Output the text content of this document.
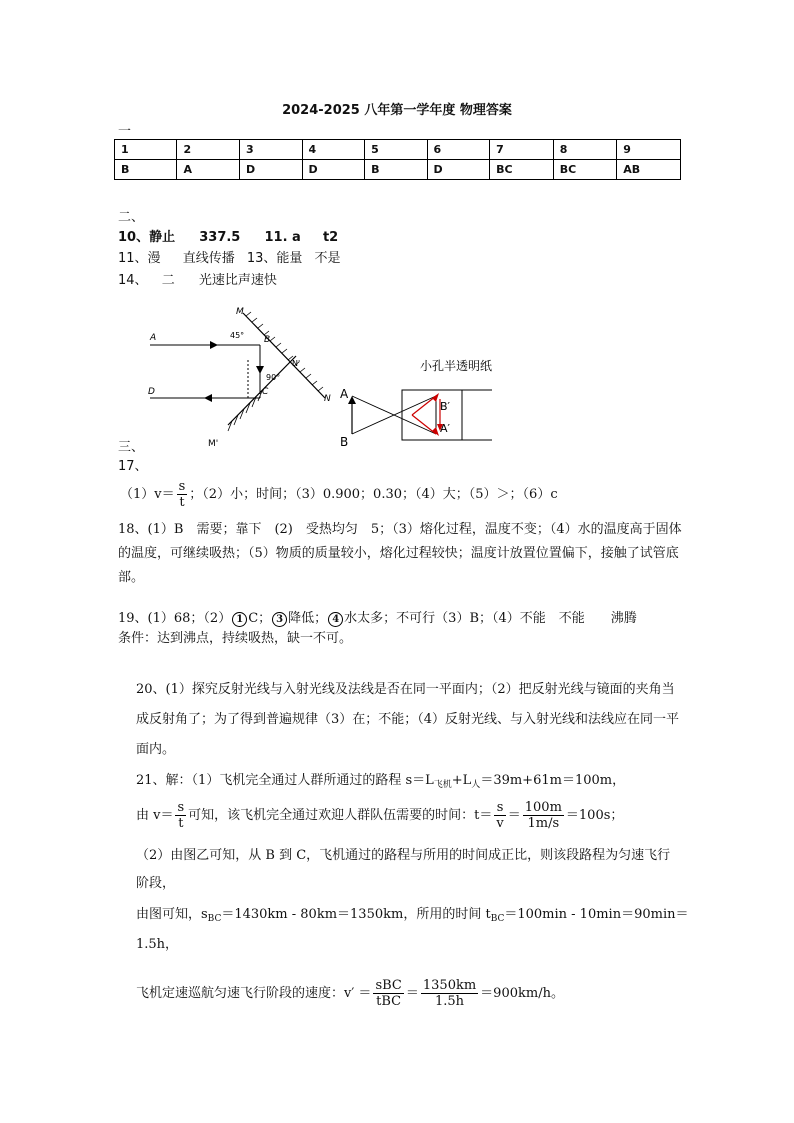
2024-2025 八年第一学年度 物理答案
一
1	2	3	4	5	6	7	8	9
B	A	D	D	B	D	BC	BC	AB
二、
10、静止 337.5 11. a t2
11、漫 直线传播 13、能量 不是
14、 二 光速比声速快
M
45° B
A
N'
90°
C
D
N
M'
小孔半透明纸
A
B
B′
A′
三、
17、
$(1)v= \frac{s}{t}$ ；（2）小；时间；（3）0.900；0.30；（4）大；（5）＞；（6）c
18、(1）B　需要；靠下　(2)　受热均匀　5；（3）熔化过程，温度不变；（4）水的温度高于固体的温度，可继续吸热；（5）物质的质量较小，熔化过程较快；温度计放置位置偏下，接触了试管底部。
19、(1）68；（2） 1 C； 3 降低； 4 水太多；不可行（3）B；（4）不能　不能　　沸腾
条件：达到沸点，持续吸热，缺一不可。
20、(1）探究反射光线与入射光线及法线是否在同一平面内；（2）把反射光线与镜面的夹角当成反射角了；为了得到普遍规律（3）在；不能；（4）反射光线、与入射光线和法线应在同一平面内。
21、解：（1）飞机完全通过人群所通过的路程 $s=L_{飞机}+L_人=39m+61m=100m$，
由 $v= \frac{s}{t}$ 可知，该飞机完全通过欢迎人群队伍需要的时间：$t= \frac{s}{v} = \frac{100m}{1m/s} =100s$；
（2）由图乙可知，从 B 到 C，飞机通过的路程与所用的时间成正比，则该段路程为匀速飞行阶段，
由图可知，$s_{BC}=1430km - 80km=1350km$，所用的时间 $t_{BC}=100\min - 10\min=90\min=$
1.5h，
飞机定速巡航匀速飞行阶段的速度：$v' = \frac{\text{sBC}}{\text{tBC}} = \frac{1350km}{1.5h} =900km/h$。
